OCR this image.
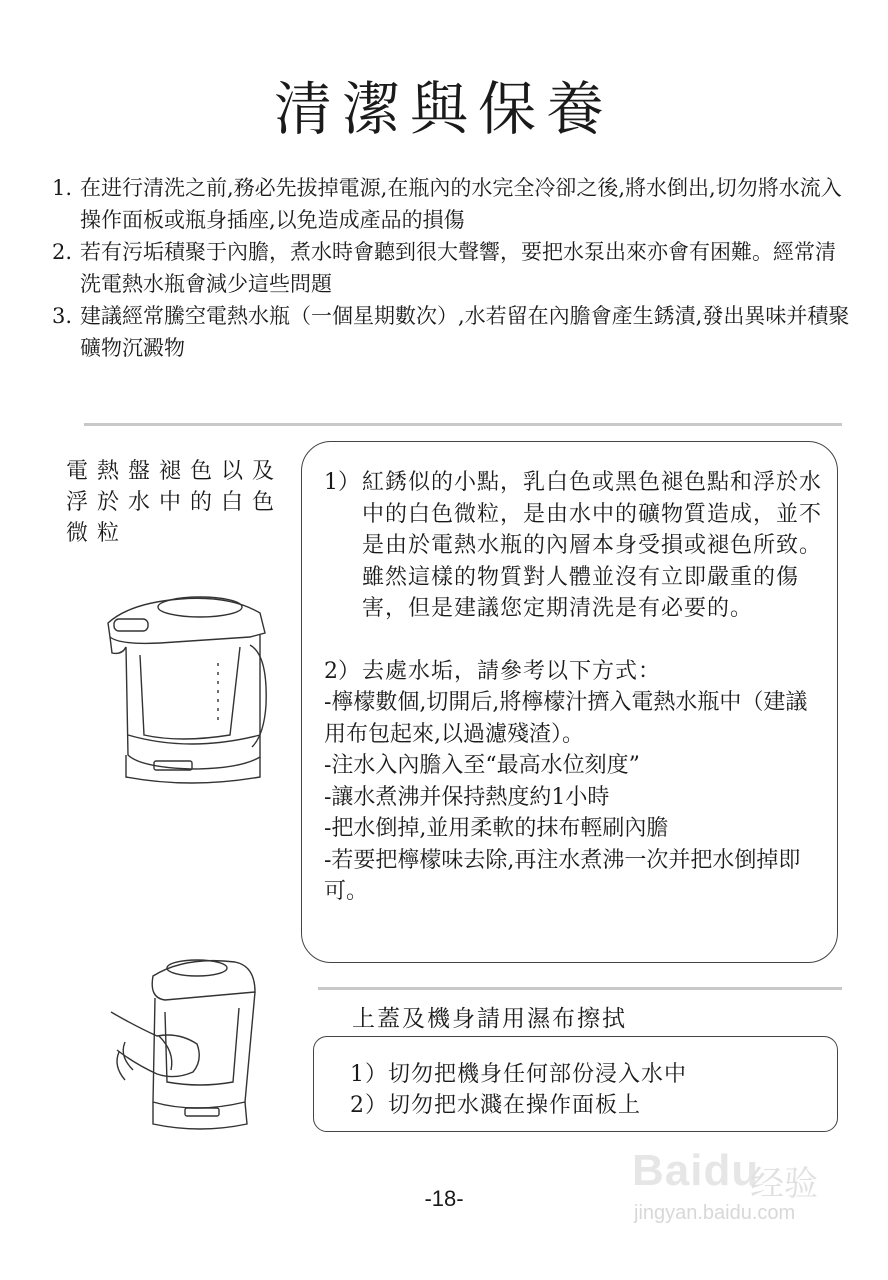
清潔與保養
1. 在进行清洗之前,務必先拔掉電源,在瓶內的水完全冷卻之後,將水倒出,切勿將水流入操作面板或瓶身插座,以免造成產品的損傷
2. 若有污垢積聚于內膽，煮水時會聽到很大聲響，要把水泵出來亦會有困難。經常清洗電熱水瓶會減少這些問題
3. 建議經常騰空電熱水瓶（一個星期數次）,水若留在內膽會產生銹漬,發出異味并積聚礦物沉澱物
電熱盤褪色以及浮於水中的白色微粒
1） 紅銹似的小點，乳白色或黑色褪色點和浮於水中的白色微粒，是由水中的礦物質造成，並不是由於電熱水瓶的內層本身受損或褪色所致。雖然這樣的物質對人體並沒有立即嚴重的傷害，但是建議您定期清洗是有必要的。
2） 去處水垢，請參考以下方式：
-檸檬數個,切開后,將檸檬汁擠入電熱水瓶中（建議用布包起來,以過濾殘渣）。
-注水入內膽入至“最高水位刻度”
-讓水煮沸并保持熱度約1小時
-把水倒掉,並用柔軟的抹布輕刷內膽
-若要把檸檬味去除,再注水煮沸一次并把水倒掉即可。
上蓋及機身請用濕布擦拭
1）切勿把機身任何部份浸入水中
2）切勿把水濺在操作面板上
-18-
Baidu
经验
jingyan.baidu.com
